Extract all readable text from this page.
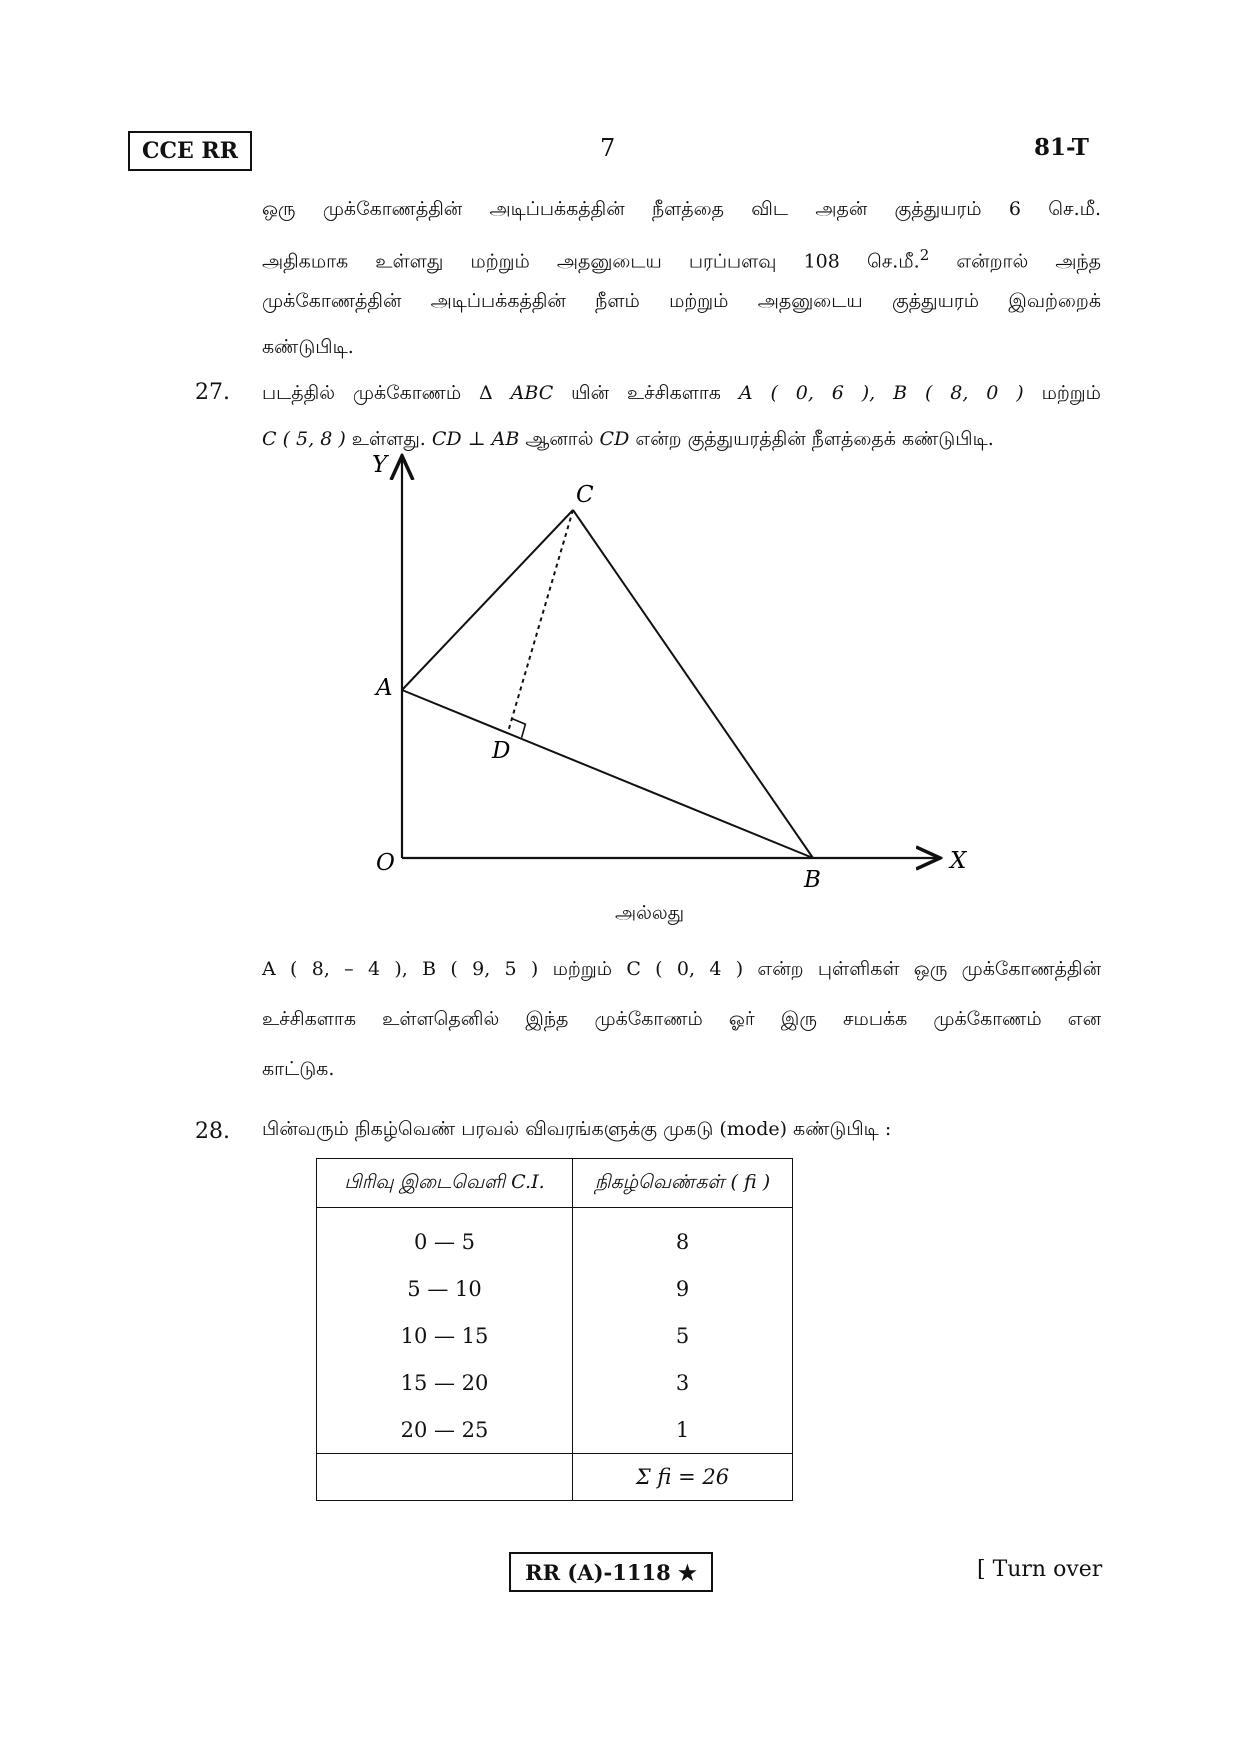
CCE RR	7	81-T

ஒரு முக்கோணத்தின் அடிப்பக்கத்தின் நீளத்தை விட அதன் குத்துயரம் 6 செ.மீ.

அதிகமாக உள்ளது மற்றும் அதனுடைய பரப்பளவு 108 செ.மீ.$^2$ என்றால் அந்த

முக்கோணத்தின் அடிப்பக்கத்தின் நீளம் மற்றும் அதனுடைய குத்துயரம் இவற்றைக்

கண்டுபிடி.

27. படத்தில் முக்கோணம் Δ ABC யின் உச்சிகளாக A ( 0, 6 ), B ( 8, 0 ) மற்றும்

C ( 5, 8 ) உள்ளது. CD ⊥ AB ஆனால் CD என்ற குத்துயரத்தின் நீளத்தைக் கண்டுபிடி.

Y
X
O
A
B
C
D
அல்லது

A ( 8, – 4 ), B ( 9, 5 ) மற்றும் C ( 0, 4 ) என்ற புள்ளிகள் ஒரு முக்கோணத்தின்

உச்சிகளாக உள்ளதெனில் இந்த முக்கோணம் ஓர் இரு சமபக்க முக்கோணம் என

காட்டுக.

28. பின்வரும் நிகழ்வெண் பரவல் விவரங்களுக்கு முகடு (mode) கண்டுபிடி :
பிரிவு இடைவெளி C.I.	நிகழ்வெண்கள் ( fi )
0 — 5	8
5 — 10	9
10 — 15	5
15 — 20	3
20 — 25	1
	Σ fi = 26
RR (A)-1118 ★	[ Turn over
